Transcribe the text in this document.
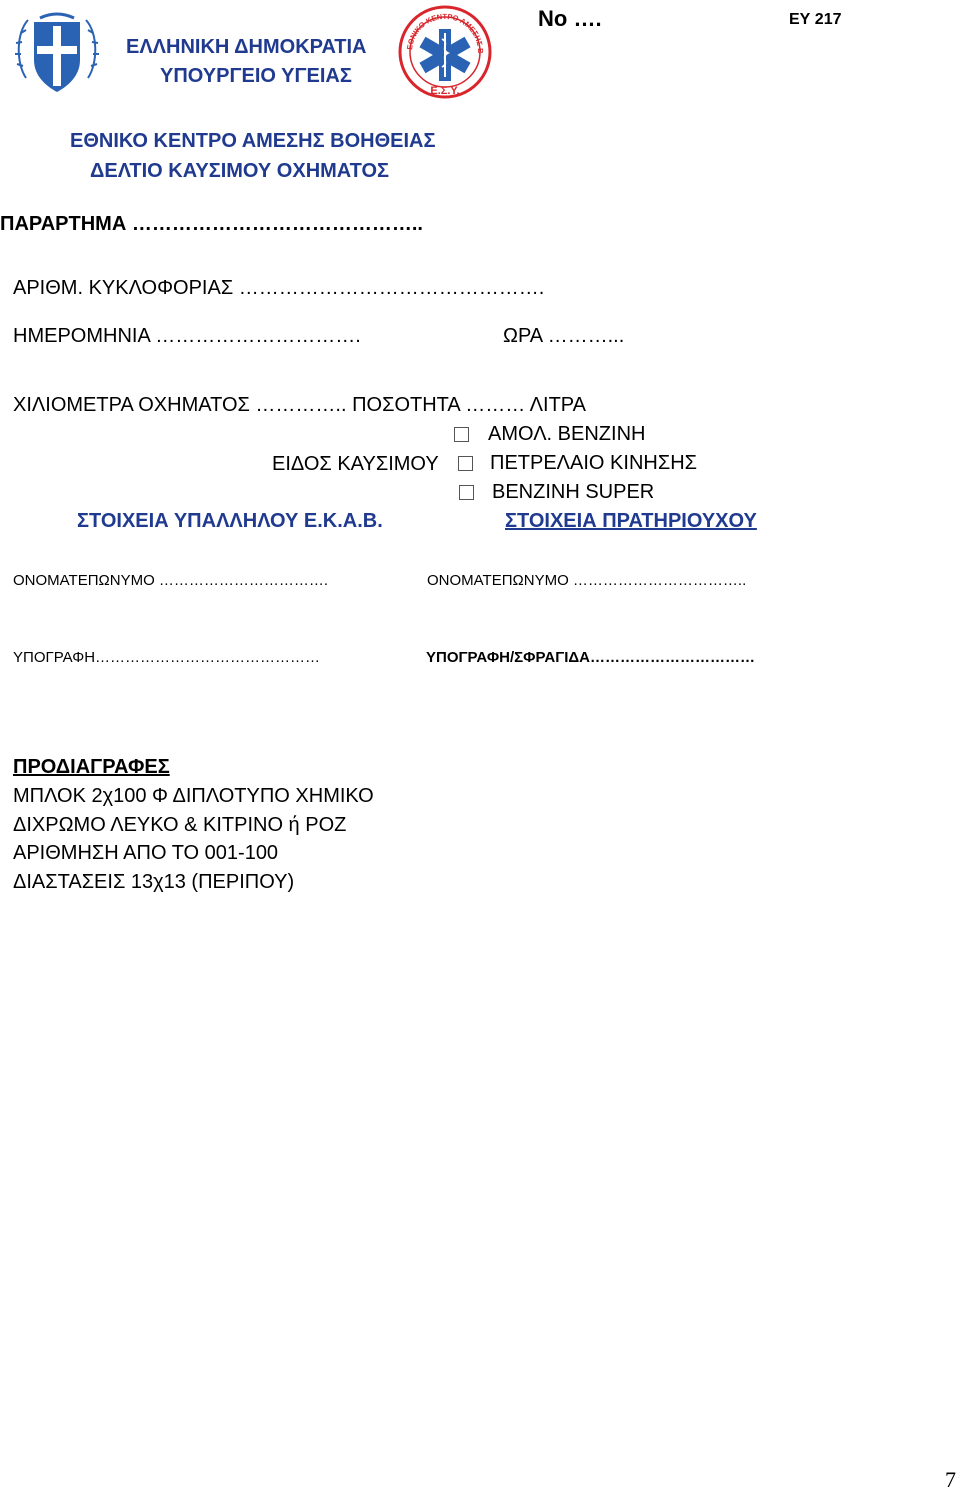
ΕΛΛΗΝΙΚΗ ΔΗΜΟΚΡΑΤΙΑ
ΥΠΟΥΡΓΕΙΟ ΥΓΕΙΑΣ
ΕΘΝΙΚΟ ΚΕΝΤΡΟ ΑΜΕΣΗΣ Β
Ε.Σ.Υ.
Νο ….	ΕΥ 217
ΕΘΝΙΚΟ ΚΕΝΤΡΟ ΑΜΕΣΗΣ ΒΟΗΘΕΙΑΣ
ΔΕΛΤΙΟ ΚΑΥΣΙΜΟΥ ΟΧΗΜΑΤΟΣ
ΠΑΡΑΡΤΗΜΑ ……………………………………..
ΑΡΙΘΜ. ΚΥΚΛΟΦΟΡΙΑΣ ……………………………………….
ΗΜΕΡΟΜΗΝΙΑ ………………………….	ΩΡΑ ………...
ΧΙΛΙΟΜΕΤΡΑ ΟΧΗΜΑΤΟΣ ………….. ΠΟΣΟΤΗΤΑ ……… ΛΙΤΡΑ
ΕΙΔΟΣ ΚΑΥΣΙΜΟΥ
ΑΜΟΛ. ΒΕΝΖΙΝΗ
ΠΕΤΡΕΛΑΙΟ ΚΙΝΗΣΗΣ
ΒΕΝΖΙΝΗ SUPER
ΣΤΟΙΧΕΙΑ ΥΠΑΛΛΗΛΟΥ Ε.Κ.Α.Β.	ΣΤΟΙΧΕΙΑ ΠΡΑΤΗΡΙΟΥΧΟΥ
ΟΝΟΜΑΤΕΠΩΝΥΜΟ …………………………….	ΟΝΟΜΑΤΕΠΩΝΥΜΟ ……………………………..
ΥΠΟΓΡΑΦΗ………………………………………	ΥΠΟΓΡΑΦΗ/ΣΦΡΑΓΙΔΑ……………………………
ΠΡΟΔΙΑΓΡΑΦΕΣ
ΜΠΛΟΚ 2χ100 Φ ΔΙΠΛΟΤΥΠΟ ΧΗΜΙΚΟ
ΔΙΧΡΩΜΟ ΛΕΥΚΟ & ΚΙΤΡΙΝΟ ή ΡΟΖ
ΑΡΙΘΜΗΣΗ ΑΠΟ ΤΟ 001-100
ΔΙΑΣΤΑΣΕΙΣ 13χ13 (ΠΕΡΙΠΟΥ)
7
